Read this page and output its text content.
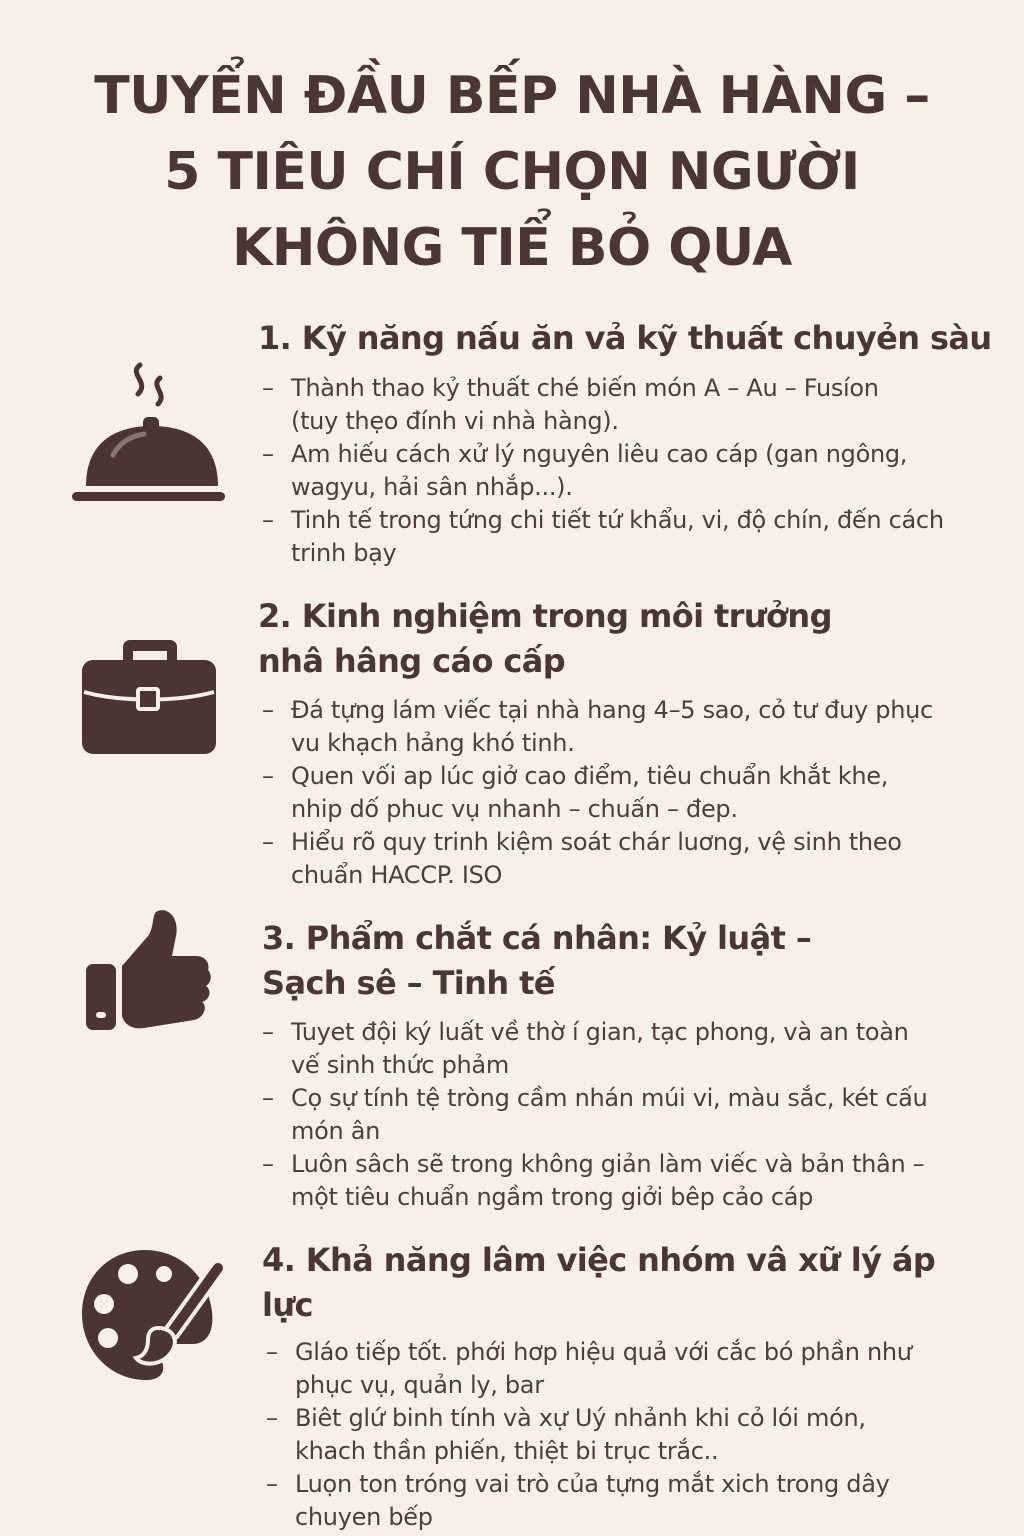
TUYỂN ĐẦU BẾP NHÀ HÀNG –
5 TIÊU CHÍ CHỌN NGƯỜI
KHÔNG TIỂ BỎ QUA
1. Kỹ năng nấu ăn vả kỹ thuất chuyẻn sàu
– Thành thao kỷ thuất ché biến món A – Au – Fusíon
(tuy thẹo đính vi nhà hàng).
– Am hiếu cách xử lý nguyên liêu cao cáp (gan ngông,
wagyu, hải sân nhắp...).
– Tinh tế trong tứng chi tiết tứ khẩu, vi, độ chín, đến cách
trinh bạy
2. Kinh nghiệm trong môi trưởng
nhâ hâng cáo cấp
– Đá tựng lám viếc tại nhà hang 4–5 sao, cỏ tư đuy phục
vu khạch hảng khó tinh.
– Quen vối ap lúc giở cao điểm, tiêu chuẩn khắt khe,
nhip dố phuc vụ nhanh – chuấn – đep.
– Hiểu rõ quy trinh kiệm soát chár luơng, vệ sinh theo
chuẩn HACCP. ISO
3. Phẩm chắt cá nhân: Kỷ luật –
Sạch sê – Tinh tế
– Tuyet đội ký luất về thờ í gian, tạc phong, và an toàn
vế sinh thức phảm
– Cọ sự tính tệ tròng cầm nhán múi vi, màu sắc, két cấu
món ân
– Luôn sâch sẽ trong không giản làm viếc và bản thân –
một tiêu chuẩn ngầm trong giởi bêp cảo cáp
4. Khả năng lâm việc nhóm vâ xữ lý áp
lực
– Gláo tiếp tốt. phới hơp hiệu quả với cắc bó phần như
phục vụ, quản ly, bar
– Biêt glứ binh tính và xự Uý nhảnh khi cỏ lói món,
khach thần phiến, thiệt bi trục trắc..
– Luọn ton tróng vai trò của tựng mắt xich trong dây
chuyen bếp
